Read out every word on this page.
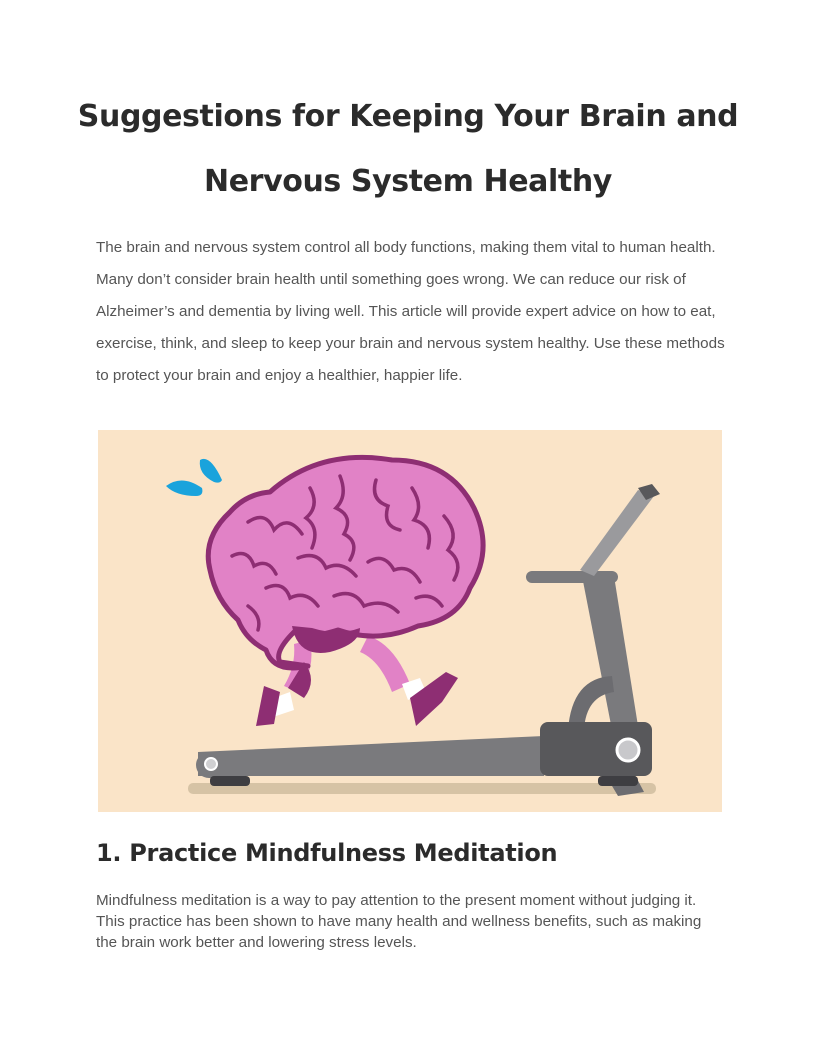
Suggestions for Keeping Your Brain and Nervous System Healthy

The brain and nervous system control all body functions, making them vital to human health. Many don’t consider brain health until something goes wrong. We can reduce our risk of Alzheimer’s and dementia by living well. This article will provide expert advice on how to eat, exercise, think, and sleep to keep your brain and nervous system healthy. Use these methods to protect your brain and enjoy a healthier, happier life.

1. Practice Mindfulness Meditation

Mindfulness meditation is a way to pay attention to the present moment without judging it. This practice has been shown to have many health and wellness benefits, such as making the brain work better and lowering stress levels.
